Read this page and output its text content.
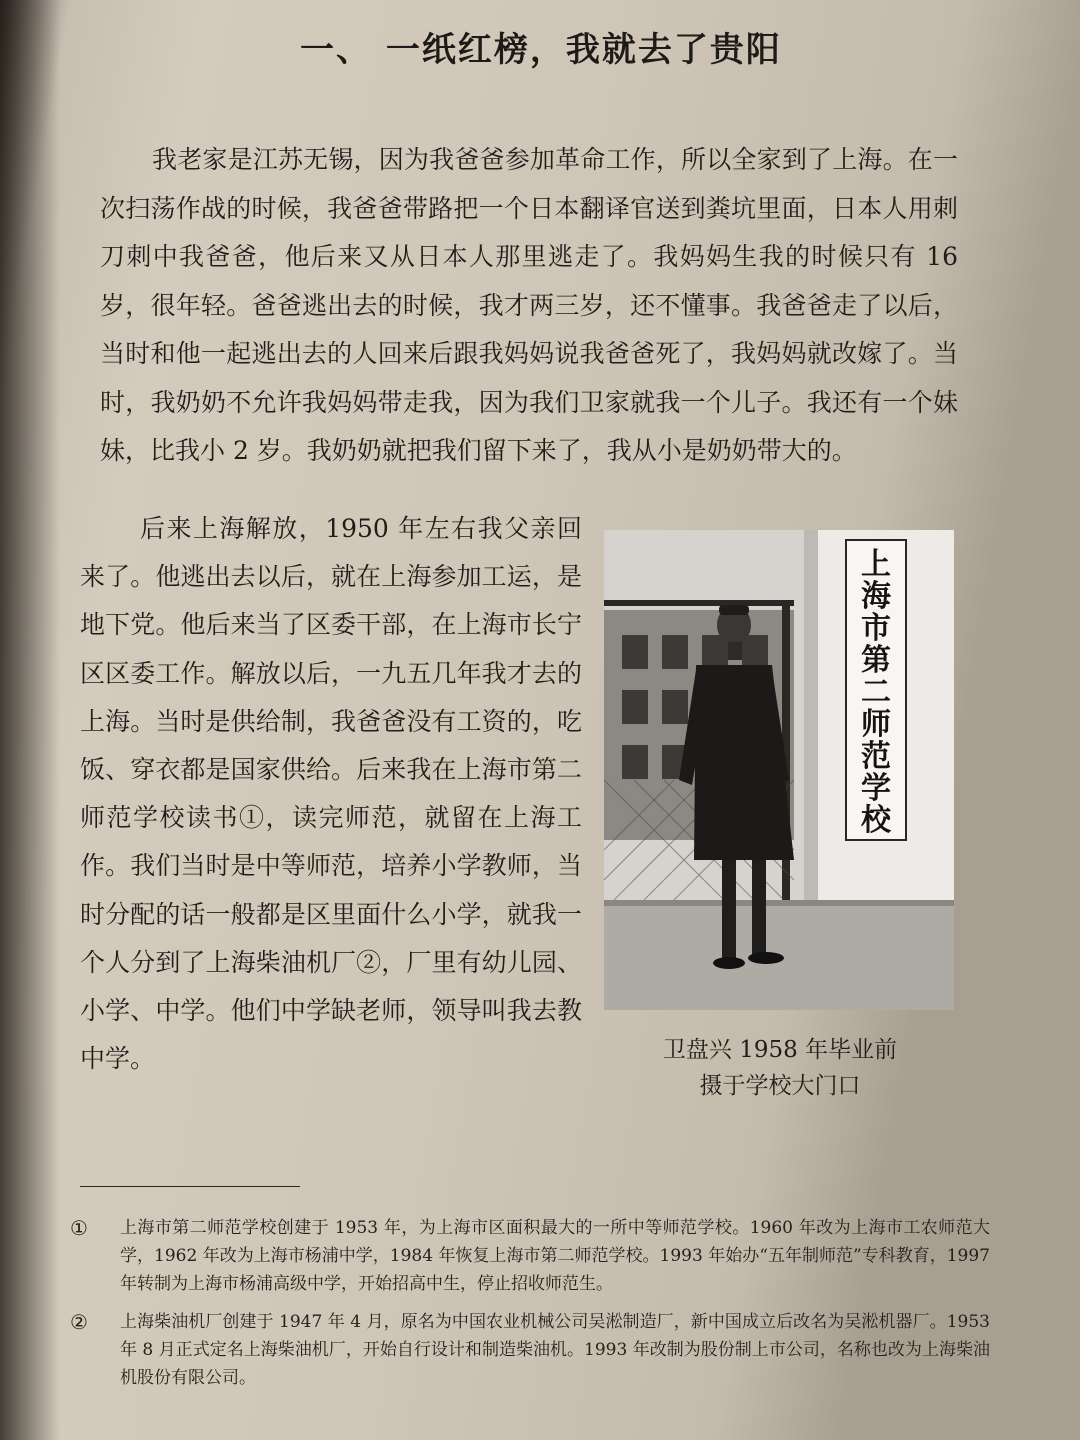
一、 一纸红榜，我就去了贵阳

我老家是江苏无锡，因为我爸爸参加革命工作，所以全家到了上海。在一次扫荡作战的时候，我爸爸带路把一个日本翻译官送到粪坑里面，日本人用刺刀刺中我爸爸，他后来又从日本人那里逃走了。我妈妈生我的时候只有 16 岁，很年轻。爸爸逃出去的时候，我才两三岁，还不懂事。我爸爸走了以后，当时和他一起逃出去的人回来后跟我妈妈说我爸爸死了，我妈妈就改嫁了。当时，我奶奶不允许我妈妈带走我，因为我们卫家就我一个儿子。我还有一个妹妹，比我小 2 岁。我奶奶就把我们留下来了，我从小是奶奶带大的。

后来上海解放，1950 年左右我父亲回来了。他逃出去以后，就在上海参加工运，是地下党。他后来当了区委干部，在上海市长宁区区委工作。解放以后，一九五几年我才去的上海。当时是供给制，我爸爸没有工资的，吃饭、穿衣都是国家供给。后来我在上海市第二师范学校读书①，读完师范，就留在上海工作。我们当时是中等师范，培养小学教师，当时分配的话一般都是区里面什么小学，就我一个人分到了上海柴油机厂②，厂里有幼儿园、小学、中学。他们中学缺老师，领导叫我去教中学。

上
海
市
第
二
师
范
学
校
卫盘兴 1958 年毕业前
摄于学校大门口
① 上海市第二师范学校创建于 1953 年，为上海市区面积最大的一所中等师范学校。1960 年改为上海市工农师范大学，1962 年改为上海市杨浦中学，1984 年恢复上海市第二师范学校。1993 年始办“五年制师范”专科教育，1997 年转制为上海市杨浦高级中学，开始招高中生，停止招收师范生。
② 上海柴油机厂创建于 1947 年 4 月，原名为中国农业机械公司吴淞制造厂，新中国成立后改名为吴淞机器厂。1953 年 8 月正式定名上海柴油机厂，开始自行设计和制造柴油机。1993 年改制为股份制上市公司，名称也改为上海柴油机股份有限公司。
